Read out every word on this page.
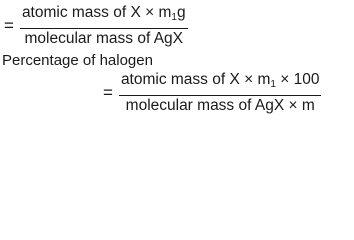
= $\frac{atomic mass of X \times m_1g}{\text{molecular mass of AgX}}$
Percentage of halogen
= $\frac{atomic mass of X \times m_1 \times 100}{\text{molecular mass of AgX × m}}$
